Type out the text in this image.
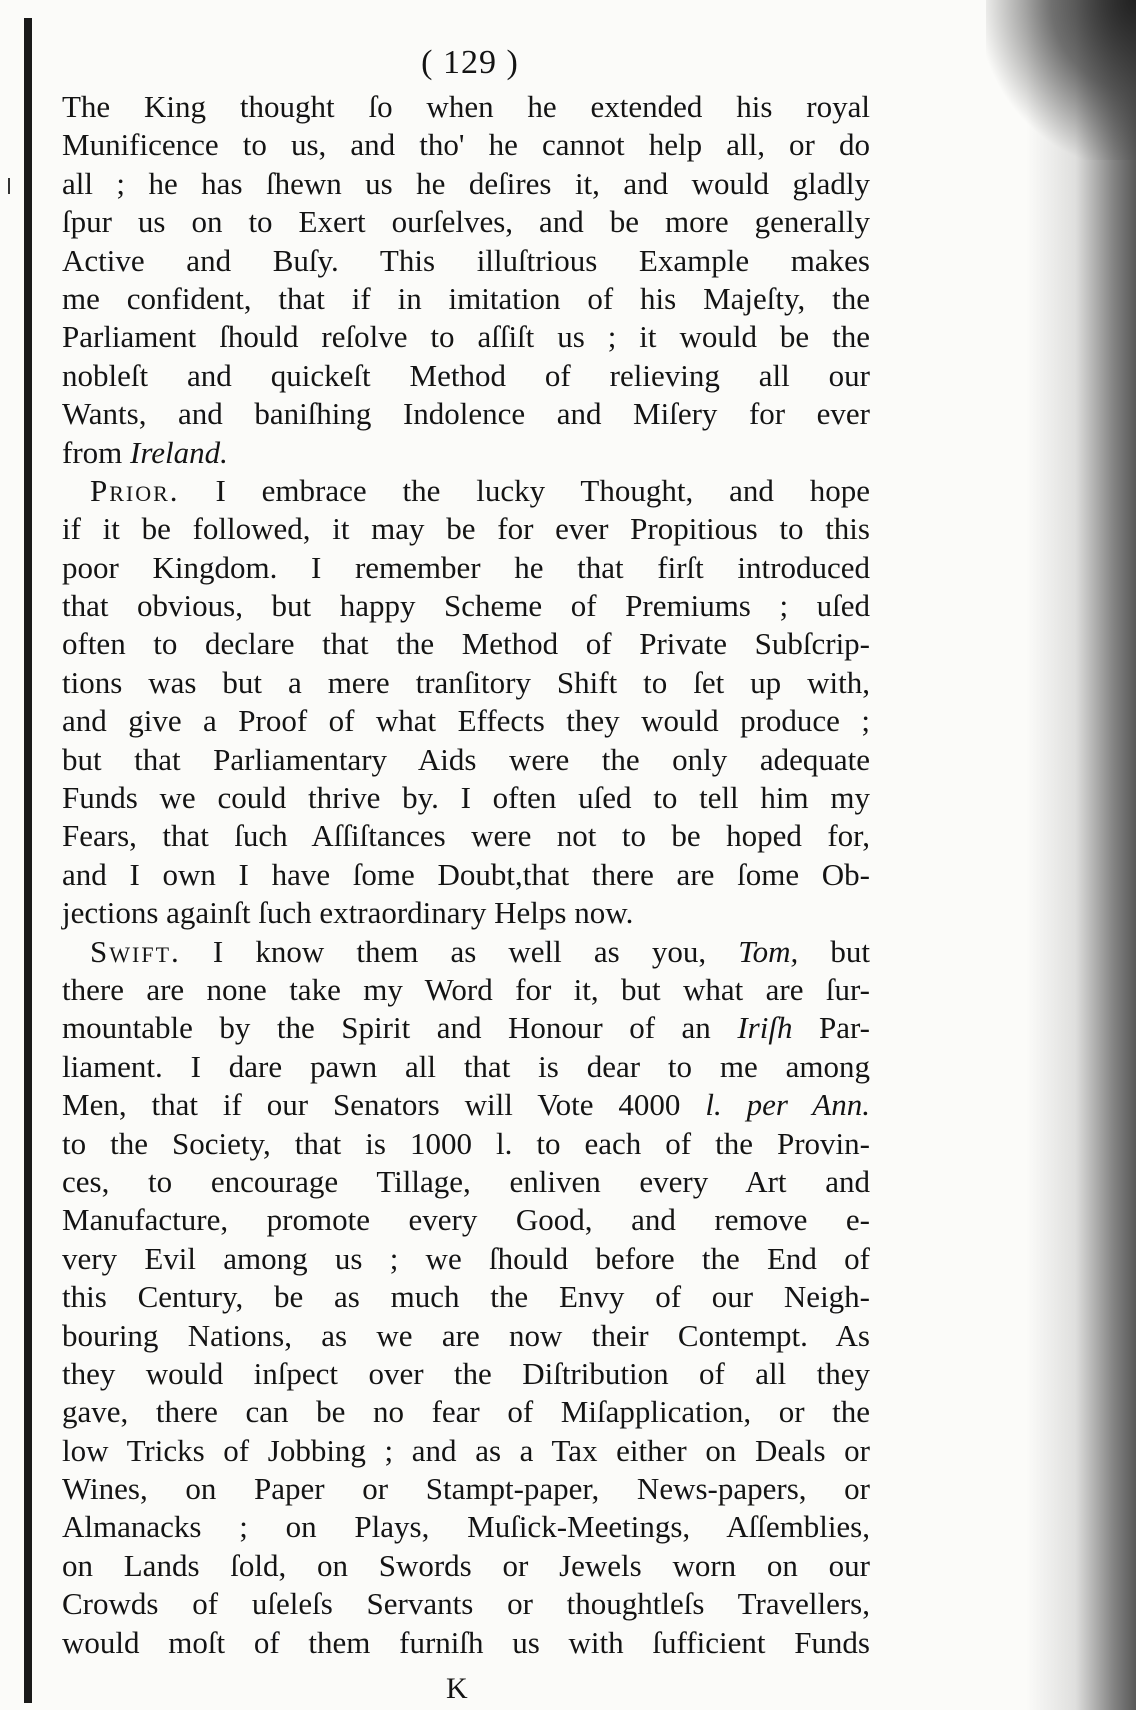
( 129 )
The King thought ſo when he extended his royal
Munificence to us, and tho' he cannot help all, or do
all ; he has ſhewn us he deſires it, and would gladly
ſpur us on to Exert ourſelves, and be more generally
Active and Buſy. This illuſtrious Example makes
me confident, that if in imitation of his Majeſty, the
Parliament ſhould reſolve to aſſiſt us ; it would be the
nobleſt and quickeſt Method of relieving all our
Wants, and baniſhing Indolence and Miſery for ever
from Ireland.
Prior. I embrace the lucky Thought, and hope
if it be followed, it may be for ever Propitious to this
poor Kingdom. I remember he that firſt introduced
that obvious, but happy Scheme of Premiums ; uſed
often to declare that the Method of Private Subſcrip-
tions was but a mere tranſitory Shift to ſet up with,
and give a Proof of what Effects they would produce ;
but that Parliamentary Aids were the only adequate
Funds we could thrive by. I often uſed to tell him my
Fears, that ſuch Aſſiſtances were not to be hoped for,
and I own I have ſome Doubt,that there are ſome Ob-
jections againſt ſuch extraordinary Helps now.
Swift. I know them as well as you, Tom, but
there are none take my Word for it, but what are ſur-
mountable by the Spirit and Honour of an Iriſh Par-
liament. I dare pawn all that is dear to me among
Men, that if our Senators will Vote 4000 l. per Ann.
to the Society, that is 1000 l. to each of the Provin-
ces, to encourage Tillage, enliven every Art and
Manufacture, promote every Good, and remove e-
very Evil among us ; we ſhould before the End of
this Century, be as much the Envy of our Neigh-
bouring Nations, as we are now their Contempt. As
they would inſpect over the Diſtribution of all they
gave, there can be no fear of Miſapplication, or the
low Tricks of Jobbing ; and as a Tax either on Deals or
Wines, on Paper or Stampt-paper, News-papers, or
Almanacks ; on Plays, Muſick-Meetings, Aſſemblies,
on Lands ſold, on Swords or Jewels worn on our
Crowds of uſeleſs Servants or thoughtleſs Travellers,
would moſt of them furniſh us with ſufficient Funds
K
